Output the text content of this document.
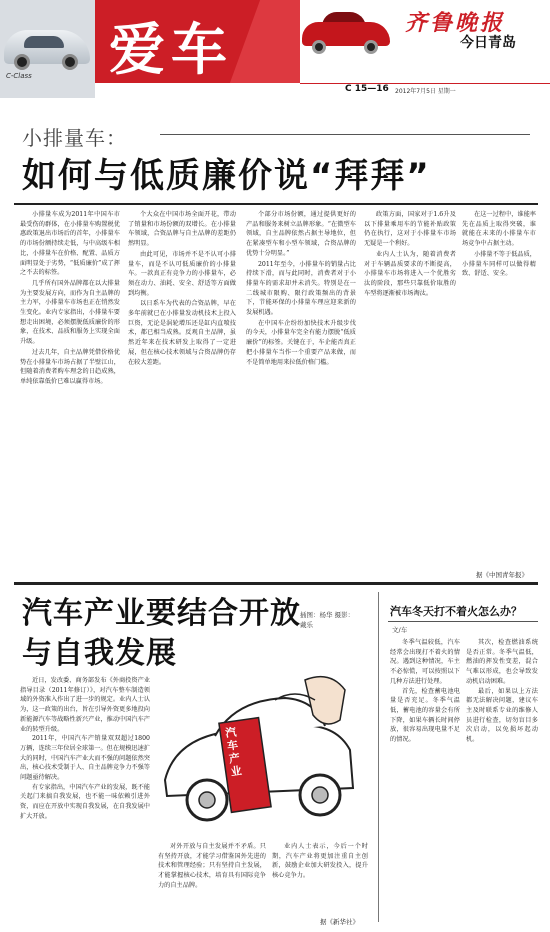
C-Class 爱车	齐鲁晚报
今日青岛
C 15—16 2012年7月5日 星期一
小排量车：
如何与低质廉价说“拜拜”

小排量车成为2011年中国车市最受伤的群体，在小排量车购置税优惠政策退出市场后的首年，小排量车的市场份额持续走低，与中高级车相比，小排量车在价格、配置、品质方面明显处于劣势，“低质廉价”成了挥之不去的标签。

几乎所有国外品牌都在以大排量为主要发展方向，而作为自主品牌的主力军，小排量车市场也正在悄然发生变化。业内专家指出，小排量车要想走出困境，必须摆脱低质廉价的形象，在技术、品质和服务上实现全面升级。

过去几年，自主品牌凭借价格优势在小排量车市场占据了半壁江山，但随着消费者购车理念的日趋成熟，单纯依靠低价已难以赢得市场。

个大众在中国市场全面开花，带动了销量和市场份额的双增长。在小排量车领域，合资品牌与自主品牌的差距仍然明显。

由此可见，市场并不是不认可小排量车，而是不认可低质廉价的小排量车。一款真正有竞争力的小排量车，必须在动力、油耗、安全、舒适等方面做到均衡。

以日系车为代表的合资品牌，早在多年前就已在小排量发动机技术上投入巨资，无论是涡轮增压还是缸内直喷技术，都已相当成熟。反观自主品牌，虽然近年来在技术研发上取得了一定进展，但在核心技术领域与合资品牌仍存在较大差距。

个部分市场份额，通过提供更好的产品和服务来树立品牌形象。“在微型车领域，自主品牌依然占据主导地位，但在紧凑型车和小型车领域，合资品牌的优势十分明显。”

2011年至今，小排量车的销量占比持续下滑，而与此同时，消费者对于小排量车的需求却并未消失。特别是在一二线城市限购、限行政策频出的背景下，节能环保的小排量车理应迎来新的发展机遇。

在中国车企纷纷加快技术升级步伐的今天，小排量车完全有能力摆脱“低质廉价”的标签。关键在于，车企能否真正把小排量车当作一个重要产品来做，而不是简单地用来拉低价格门槛。

政策方面，国家对于1.6升及以下排量乘用车的节能补贴政策仍在执行，这对于小排量车市场无疑是一个利好。

业内人士认为，随着消费者对于车辆品质要求的不断提高，小排量车市场将进入一个优胜劣汰的阶段，那些只靠低价取胜的车型将逐渐被市场淘汰。

在这一过程中，谁能率先在品质上取得突破，谁就能在未来的小排量车市场竞争中占据主动。

小排量不等于低品质，小排量车同样可以做得精致、舒适、安全。

据《中国青年报》
汽车产业要结合开放与自我发展
插图：杨华 摄影：戴乐
汽车产业

近日，发改委、商务部发布《外商投资产业指导目录（2011年修订）》，对汽车整车制造领域的外资准入作出了进一步的规定。业内人士认为，这一政策的出台，旨在引导外资更多地投向新能源汽车等战略性新兴产业，推动中国汽车产业的转型升级。

2011年，中国汽车产销量双双超过1800万辆，连续三年位居全球第一。但在规模迅速扩大的同时，中国汽车产业大而不强的问题依然突出，核心技术受制于人、自主品牌竞争力不强等问题亟待解决。

有专家指出，中国汽车产业的发展，既不能关起门来搞自我发展，也不能一味依赖引进外资，而应在开放中实现自我发展，在自我发展中扩大开放。

对外开放与自主发展并不矛盾。只有坚持开放，才能学习借鉴国外先进的技术和管理经验；只有坚持自主发展，才能掌握核心技术，培育具有国际竞争力的自主品牌。

业内人士表示，今后一个时期，汽车产业将更加注重自主创新，鼓励企业加大研发投入，提升核心竞争力。

据《新华社》
汽车冬天打不着火怎么办？
文/车

冬季气温较低，汽车经常会出现打不着火的情况。遇到这种情况，车主不必惊慌，可以按照以下几种方法进行处理。

首先，检查蓄电池电量是否充足。冬季气温低，蓄电池的容量会有所下降，如果车辆长时间停放，很容易出现电量不足的情况。

其次，检查燃油系统是否正常。冬季气温低，燃油的挥发性变差，混合气难以形成，也会导致发动机启动困难。

最后，如果以上方法都无法解决问题，建议车主及时联系专业的维修人员进行检查，切勿盲目多次启动，以免损坏起动机。
